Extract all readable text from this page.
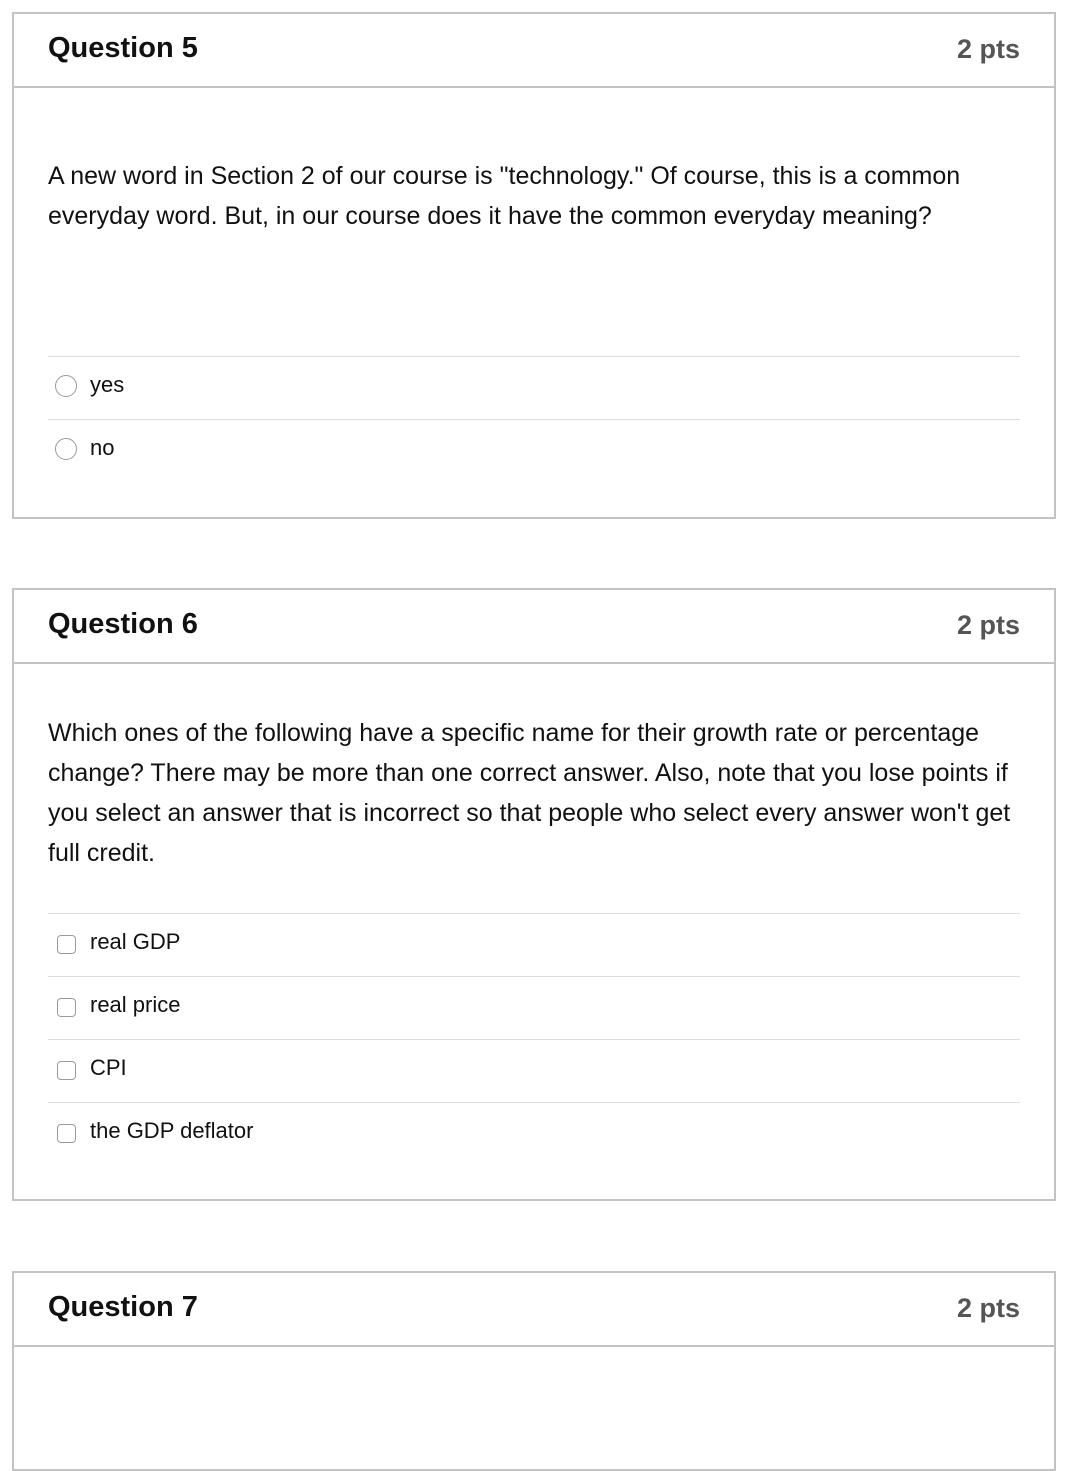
Question 5	2 pts

A new word in Section 2 of our course is "technology." Of course, this is a common everyday word. But, in our course does it have the common everyday meaning?

yes
no
Question 6	2 pts

Which ones of the following have a specific name for their growth rate or percentage change? There may be more than one correct answer. Also, note that you lose points if you select an answer that is incorrect so that people who select every answer won't get full credit.

real GDP
real price
CPI
the GDP deflator
Question 7	2 pts
